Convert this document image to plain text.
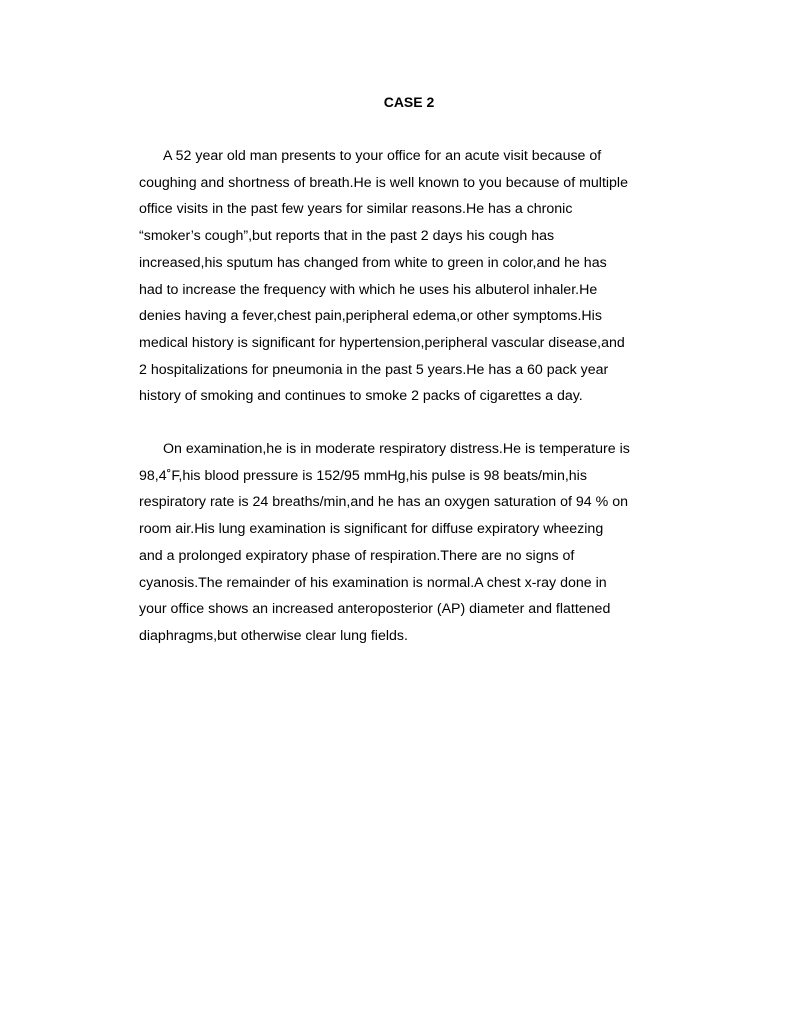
CASE 2

A 52 year old man presents to your office for an acute visit because of
coughing and shortness of breath.He is well known to you because of multiple
office visits in the past few years for similar reasons.He has a chronic
“smoker’s cough”,but reports that in the past 2 days his cough has
increased,his sputum has changed from white to green in color,and he has
had to increase the frequency with which he uses his albuterol inhaler.He
denies having a fever,chest pain,peripheral edema,or other symptoms.His
medical history is significant for hypertension,peripheral vascular disease,and
2 hospitalizations for pneumonia in the past 5 years.He has a 60 pack year
history of smoking and continues to smoke 2 packs of cigarettes a day.

On examination,he is in moderate respiratory distress.He is temperature is
98,4˚F,his blood pressure is 152/95 mmHg,his pulse is 98 beats/min,his
respiratory rate is 24 breaths/min,and he has an oxygen saturation of 94 % on
room air.His lung examination is significant for diffuse expiratory wheezing
and a prolonged expiratory phase of respiration.There are no signs of
cyanosis.The remainder of his examination is normal.A chest x-ray done in
your office shows an increased anteroposterior (AP) diameter and flattened
diaphragms,but otherwise clear lung fields.
